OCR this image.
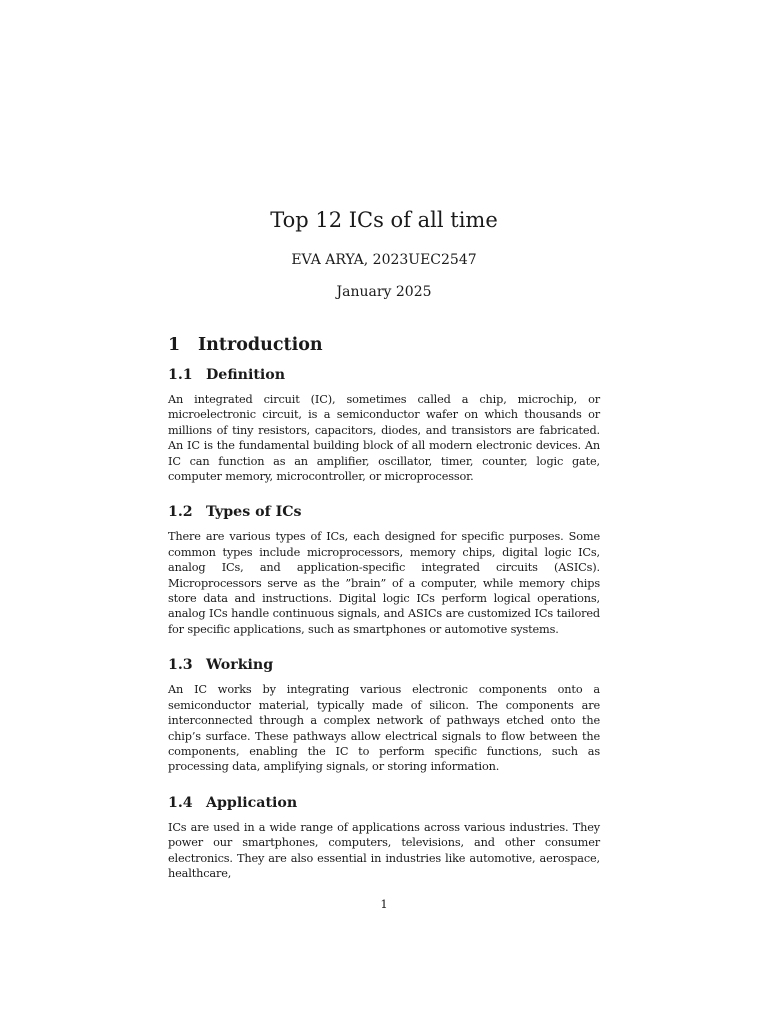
Top 12 ICs of all time
EVA ARYA, 2023UEC2547
January 2025
1 Introduction
1.1 Definition

An integrated circuit (IC), sometimes called a chip, microchip, or microelectronic circuit, is a semiconductor wafer on which thousands or millions of tiny resistors, capacitors, diodes, and transistors are fabricated. An IC is the fundamental building block of all modern electronic devices. An IC can function as an amplifier, oscillator, timer, counter, logic gate, computer memory, microcontroller, or microprocessor.

1.2 Types of ICs

There are various types of ICs, each designed for specific purposes. Some common types include microprocessors, memory chips, digital logic ICs, analog ICs, and application-specific integrated circuits (ASICs). Microprocessors serve as the ”brain” of a computer, while memory chips store data and instructions. Digital logic ICs perform logical operations, analog ICs handle continuous signals, and ASICs are customized ICs tailored for specific applications, such as smartphones or automotive systems.

1.3 Working

An IC works by integrating various electronic components onto a semiconductor material, typically made of silicon. The components are interconnected through a complex network of pathways etched onto the chip’s surface. These pathways allow electrical signals to flow between the components, enabling the IC to perform specific functions, such as processing data, amplifying signals, or storing information.

1.4 Application

ICs are used in a wide range of applications across various industries. They power our smartphones, computers, televisions, and other consumer electronics. They are also essential in industries like automotive, aerospace, healthcare,

1
